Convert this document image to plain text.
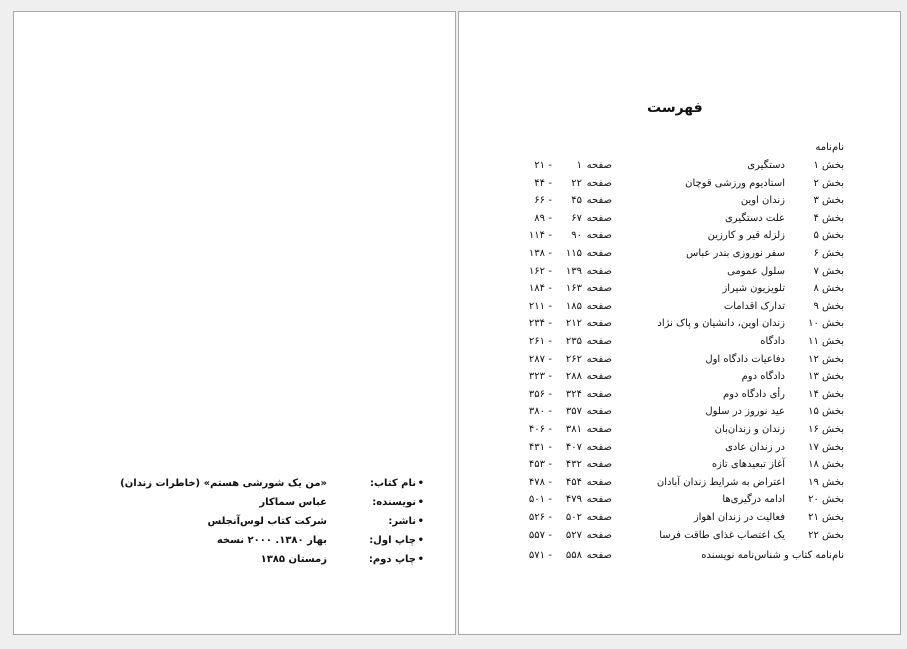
•
نام کتاب:
«من یک شورشی هستم» (خاطرات زندان)
•
نویسنده:
عباس سماکار
•
ناشر:
شرکت کتاب لوس‌آنجلس
•
چاپ اول:
بهار ۱۳۸۰. ۲۰۰۰ نسخه
•
چاپ دوم:
زمستان ۱۳۸۵
فهرست
نام‌نامه
بخش ۱
دستگیری
صفحه
۱
-
۲۱
بخش ۲
استادیوم ورزشی قوچان
صفحه
۲۲
-
۴۴
بخش ۳
زندان اوین
صفحه
۴۵
-
۶۶
بخش ۴
علت دستگیری
صفحه
۶۷
-
۸۹
بخش ۵
زلزله قیر و کارزین
صفحه
۹۰
-
۱۱۴
بخش ۶
سفر نوروزی بندر عباس
صفحه
۱۱۵
-
۱۳۸
بخش ۷
سلول عمومی
صفحه
۱۳۹
-
۱۶۲
بخش ۸
تلویزیون شیراز
صفحه
۱۶۳
-
۱۸۴
بخش ۹
تدارک اقدامات
صفحه
۱۸۵
-
۲۱۱
بخش ۱۰
زندان اوین، دانشیان و پاک نژاد
صفحه
۲۱۲
-
۲۳۴
بخش ۱۱
دادگاه
صفحه
۲۳۵
-
۲۶۱
بخش ۱۲
دفاعیات دادگاه اول
صفحه
۲۶۲
-
۲۸۷
بخش ۱۳
دادگاه دوم
صفحه
۲۸۸
-
۳۲۳
بخش ۱۴
رأی دادگاه دوم
صفحه
۳۲۴
-
۳۵۶
بخش ۱۵
عید نوروز در سلول
صفحه
۳۵۷
-
۳۸۰
بخش ۱۶
زندان و زندان‌بان
صفحه
۳۸۱
-
۴۰۶
بخش ۱۷
در زندان عادی
صفحه
۴۰۷
-
۴۳۱
بخش ۱۸
آغاز تبعیدهای تازه
صفحه
۴۳۲
-
۴۵۳
بخش ۱۹
اعتراض به شرایط زندان آبادان
صفحه
۴۵۴
-
۴۷۸
بخش ۲۰
ادامه درگیری‌ها
صفحه
۴۷۹
-
۵۰۱
بخش ۲۱
فعالیت در زندان اهواز
صفحه
۵۰۲
-
۵۲۶
بخش ۲۲
یک اعتصاب غذای طاقت فرسا
صفحه
۵۲۷
-
۵۵۷
نام‌نامه کتاب و شناس‌نامه نویسنده
صفحه
۵۵۸
-
۵۷۱
